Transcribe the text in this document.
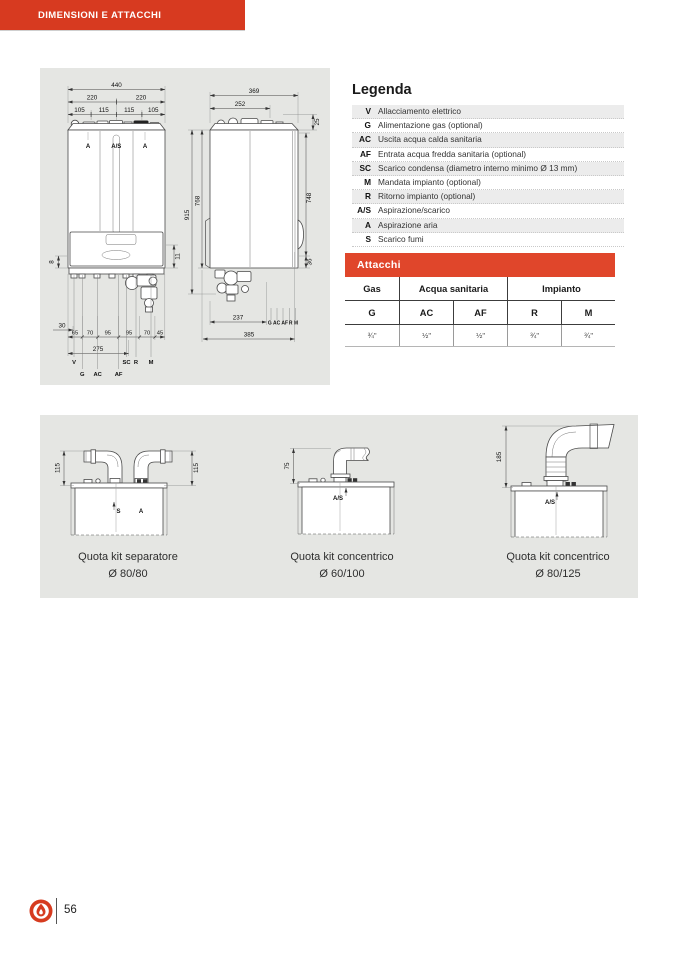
DIMENSIONI E ATTACCHI
440
220	220
105 115 115 105
A	A/S	A
8
11
30
65 70 95	95 70 45
275
V	SC R M
G AC AF
369
252
25
915
768	748
36
237
G AC AF R M
385
Legenda
V Allacciamento elettrico
G Alimentazione gas (optional)
AC Uscita acqua calda sanitaria
AF Entrata acqua fredda sanitaria (optional)
SC Scarico condensa (diametro interno minimo Ø 13 mm)
M Mandata impianto (optional)
R Ritorno impianto (optional)
A/S Aspirazione/scarico
A Aspirazione aria
S Scarico fumi
Attacchi
Gas	Acqua sanitaria	Impianto
G	AC	AF	R	M
¾"	½"	½"	¾"	¾"
115	115
S	A
75
A/S
185
A/S
Quota kit separatore
Ø 80/80
Quota kit concentrico
Ø 60/100
Quota kit concentrico
Ø 80/125
56
